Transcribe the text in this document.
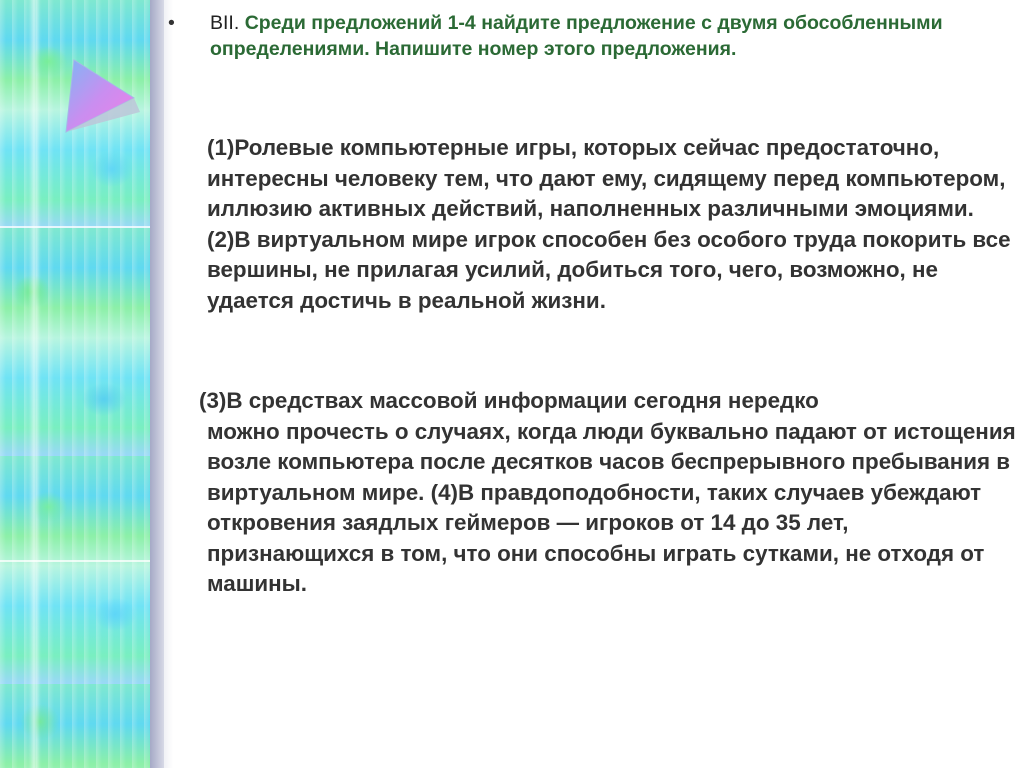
• BII. Среди предложений 1-4 найдите предложение с двумя обособленными определениями. Напишите номер этого предложения.
(1)Ролевые компьютерные игры, которых сейчас предостаточно, интересны человеку тем, что дают ему, сидящему перед компьютером, иллюзию активных действий, наполненных различными эмоциями. (2)В виртуальном мире игрок способен без особого труда покорить все вершины, не прилагая усилий, добиться того, чего, возможно, не удается достичь в реальной жизни.
(3)В средствах массовой информации сегодня нередко
можно прочесть о случаях, когда люди буквально падают от истощения возле компьютера после десятков часов беспрерывного пребывания в виртуальном мире. (4)В правдоподобности, таких случаев убеждают откровения заядлых геймеров — игроков от 14 до 35 лет, признающихся в том, что они способны играть сутками, не отходя от машины.
